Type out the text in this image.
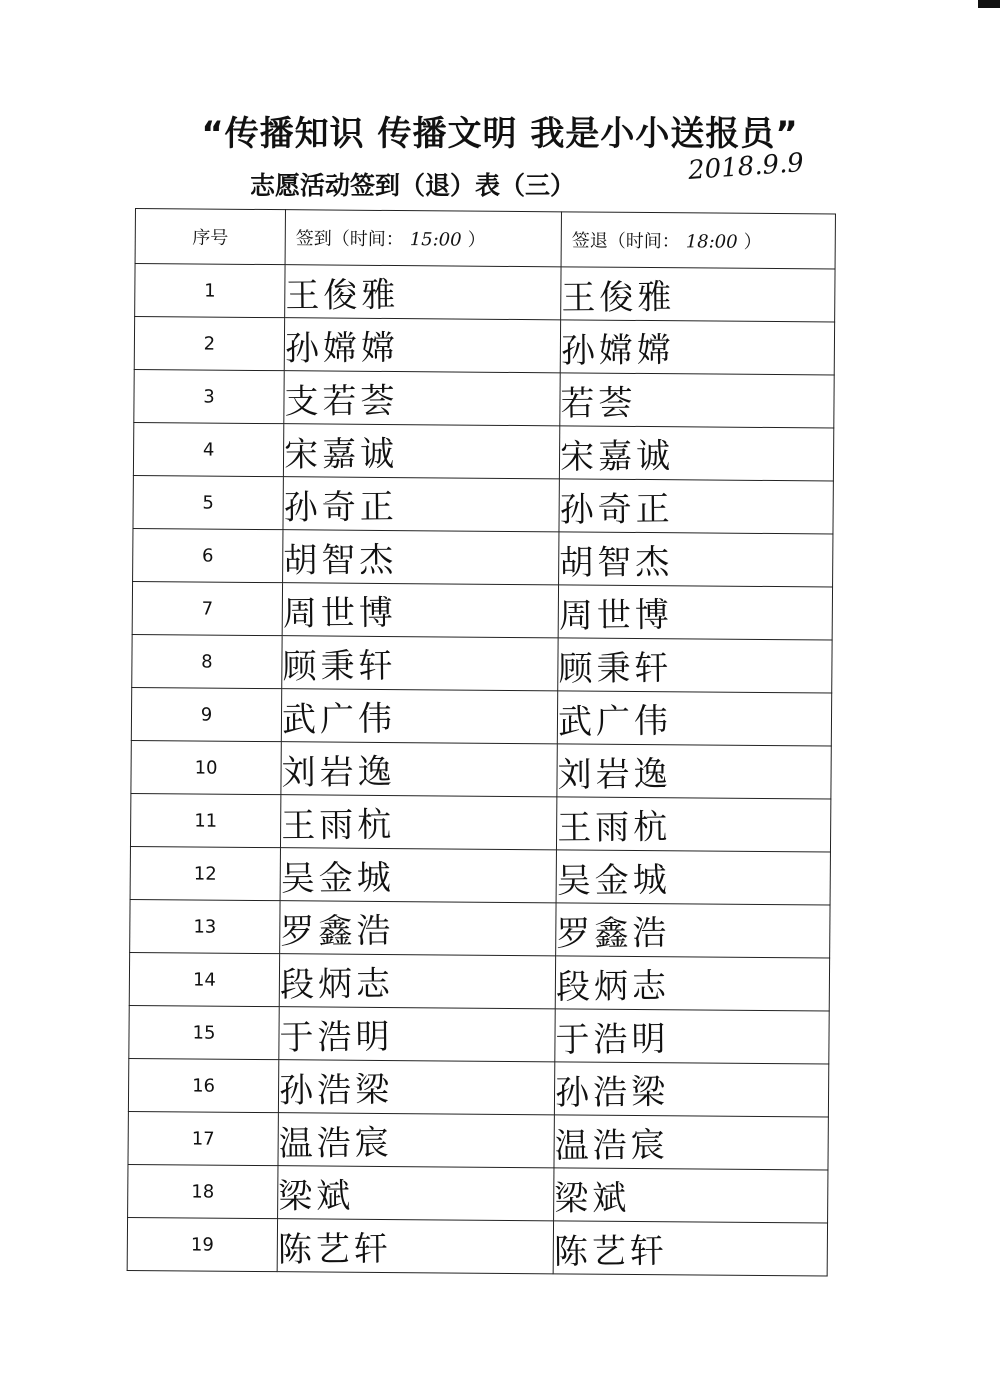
“传播知识 传播文明 我是小小送报员”
志愿活动签到（退）表（三）	2018.9.9
序号	签到（时间： 15:00 ）	签退（时间： 18:00 ）
1	王俊雅	王俊雅
2	孙嫦嫦	孙嫦嫦
3	支若荟	若荟
4	宋嘉诚	宋嘉诚
5	孙奇正	孙奇正
6	胡智杰	胡智杰
7	周世博	周世博
8	顾秉轩	顾秉轩
9	武广伟	武广伟
10	刘岩逸	刘岩逸
11	王雨杭	王雨杭
12	吴金城	吴金城
13	罗鑫浩	罗鑫浩
14	段炳志	段炳志
15	于浩明	于浩明
16	孙浩梁	孙浩梁
17	温浩宸	温浩宸
18	梁斌	梁斌
19	陈艺轩	陈艺轩
